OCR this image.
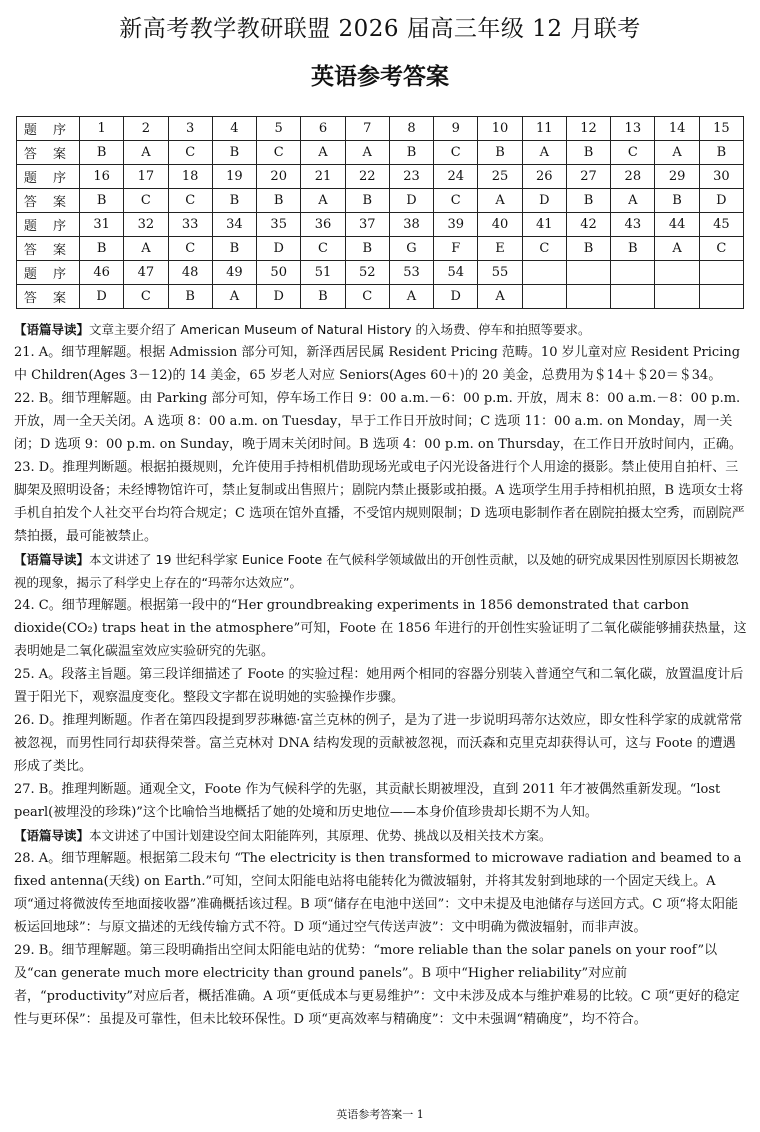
新高考教学教研联盟 2026 届高三年级 12 月联考
英语参考答案
题 序	1	2	3	4	5	6	7	8	9	10	11	12	13	14	15
答 案	B	A	C	B	C	A	A	B	C	B	A	B	C	A	B
题 序	16	17	18	19	20	21	22	23	24	25	26	27	28	29	30
答 案	B	C	C	B	B	A	B	D	C	A	D	B	A	B	D
题 序	31	32	33	34	35	36	37	38	39	40	41	42	43	44	45
答 案	B	A	C	B	D	C	B	G	F	E	C	B	B	A	C
题 序	46	47	48	49	50	51	52	53	54	55					
答 案	D	C	B	A	D	B	C	A	D	A					

【语篇导读】文章主要介绍了 American Museum of Natural History 的入场费、停车和拍照等要求。

21. A。细节理解题。根据 Admission 部分可知，新泽西居民属 Resident Pricing 范畴。10 岁儿童对应 Resident Pricing 中 Children(Ages 3－12)的 14 美金，65 岁老人对应 Seniors(Ages 60＋)的 20 美金，总费用为＄14＋＄20＝＄34。

22. B。细节理解题。由 Parking 部分可知，停车场工作日 9：00 a.m.－6：00 p.m. 开放，周末 8：00 a.m.－8：00 p.m. 开放，周一全天关闭。A 选项 8：00 a.m. on Tuesday，早于工作日开放时间；C 选项 11：00 a.m. on Monday，周一关闭；D 选项 9：00 p.m. on Sunday，晚于周末关闭时间。B 选项 4：00 p.m. on Thursday，在工作日开放时间内，正确。

23. D。推理判断题。根据拍摄规则，允许使用手持相机借助现场光或电子闪光设备进行个人用途的摄影。禁止使用自拍杆、三脚架及照明设备；未经博物馆许可，禁止复制或出售照片；剧院内禁止摄影或拍摄。A 选项学生用手持相机拍照，B 选项女士将手机自拍发个人社交平台均符合规定；C 选项在馆外直播，不受馆内规则限制；D 选项电影制作者在剧院拍摄太空秀，而剧院严禁拍摄，最可能被禁止。

【语篇导读】本文讲述了 19 世纪科学家 Eunice Foote 在气候科学领域做出的开创性贡献，以及她的研究成果因性别原因长期被忽视的现象，揭示了科学史上存在的“玛蒂尔达效应”。

24. C。细节理解题。根据第一段中的“Her groundbreaking experiments in 1856 demonstrated that carbon dioxide(CO₂) traps heat in the atmosphere”可知，Foote 在 1856 年进行的开创性实验证明了二氧化碳能够捕获热量，这表明她是二氧化碳温室效应实验研究的先驱。

25. A。段落主旨题。第三段详细描述了 Foote 的实验过程：她用两个相同的容器分别装入普通空气和二氧化碳，放置温度计后置于阳光下，观察温度变化。整段文字都在说明她的实验操作步骤。

26. D。推理判断题。作者在第四段提到罗莎琳德·富兰克林的例子，是为了进一步说明玛蒂尔达效应，即女性科学家的成就常常被忽视，而男性同行却获得荣誉。富兰克林对 DNA 结构发现的贡献被忽视，而沃森和克里克却获得认可，这与 Foote 的遭遇形成了类比。

27. B。推理判断题。通观全文，Foote 作为气候科学的先驱，其贡献长期被埋没，直到 2011 年才被偶然重新发现。“lost pearl(被埋没的珍珠)”这个比喻恰当地概括了她的处境和历史地位——本身价值珍贵却长期不为人知。

【语篇导读】本文讲述了中国计划建设空间太阳能阵列，其原理、优势、挑战以及相关技术方案。

28. A。细节理解题。根据第二段末句 “The electricity is then transformed to microwave radiation and beamed to a fixed antenna(天线) on Earth.”可知，空间太阳能电站将电能转化为微波辐射，并将其发射到地球的一个固定天线上。A 项“通过将微波传至地面接收器”准确概括该过程。B 项“储存在电池中送回”：文中未提及电池储存与送回方式。C 项“将太阳能板运回地球”：与原文描述的无线传输方式不符。D 项“通过空气传送声波”：文中明确为微波辐射，而非声波。

29. B。细节理解题。第三段明确指出空间太阳能电站的优势：“more reliable than the solar panels on your roof”以及“can generate much more electricity than ground panels”。B 项中“Higher reliability”对应前者，“productivity”对应后者，概括准确。A 项“更低成本与更易维护”：文中未涉及成本与维护难易的比较。C 项“更好的稳定性与更环保”：虽提及可靠性，但未比较环保性。D 项“更高效率与精确度”：文中未强调“精确度”，均不符合。

英语参考答案一 1
